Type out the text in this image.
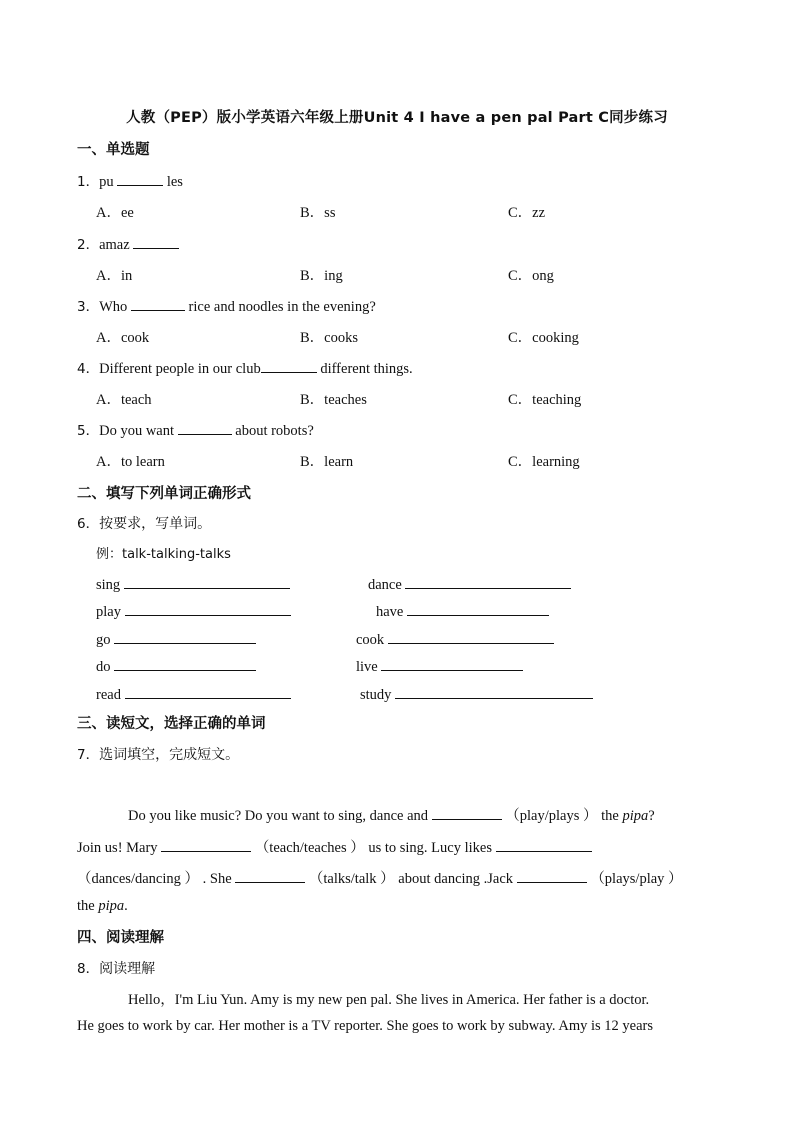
人教（PEP）版小学英语六年级上册Unit 4 I have a pen pal Part C同步练习
一、单选题
1．pu	les
A．ee	B．ss	C．zz
2．amaz
A．in	B．ing	C．ong
3．Who	rice and noodles in the evening?
A．cook	B．cooks	C．cooking
4．Different people in our club	different things.
A．teach	B．teaches	C．teaching
5．Do you want	about robots?
A．to learn	B．learn	C．learning
二、填写下列单词正确形式
6．按要求，写单词。
例：talk-talking-talks
sing	dance
play	have
go	cook
do	live
read	study
三、读短文，选择正确的单词
7．选词填空，完成短文。
Do you like music? Do you want to sing, dance and	（play/plays ） the pipa?
Join us! Mary	（teach/teaches ） us to sing. Lucy likes
（dances/dancing ） . She	（talks/talk ） about dancing .Jack	（plays/play ）
the pipa.
四、阅读理解
8．阅读理解
Hello，I'm Liu Yun. Amy is my new pen pal. She lives in America. Her father is a doctor.
He goes to work by car. Her mother is a TV reporter. She goes to work by subway. Amy is 12 years
